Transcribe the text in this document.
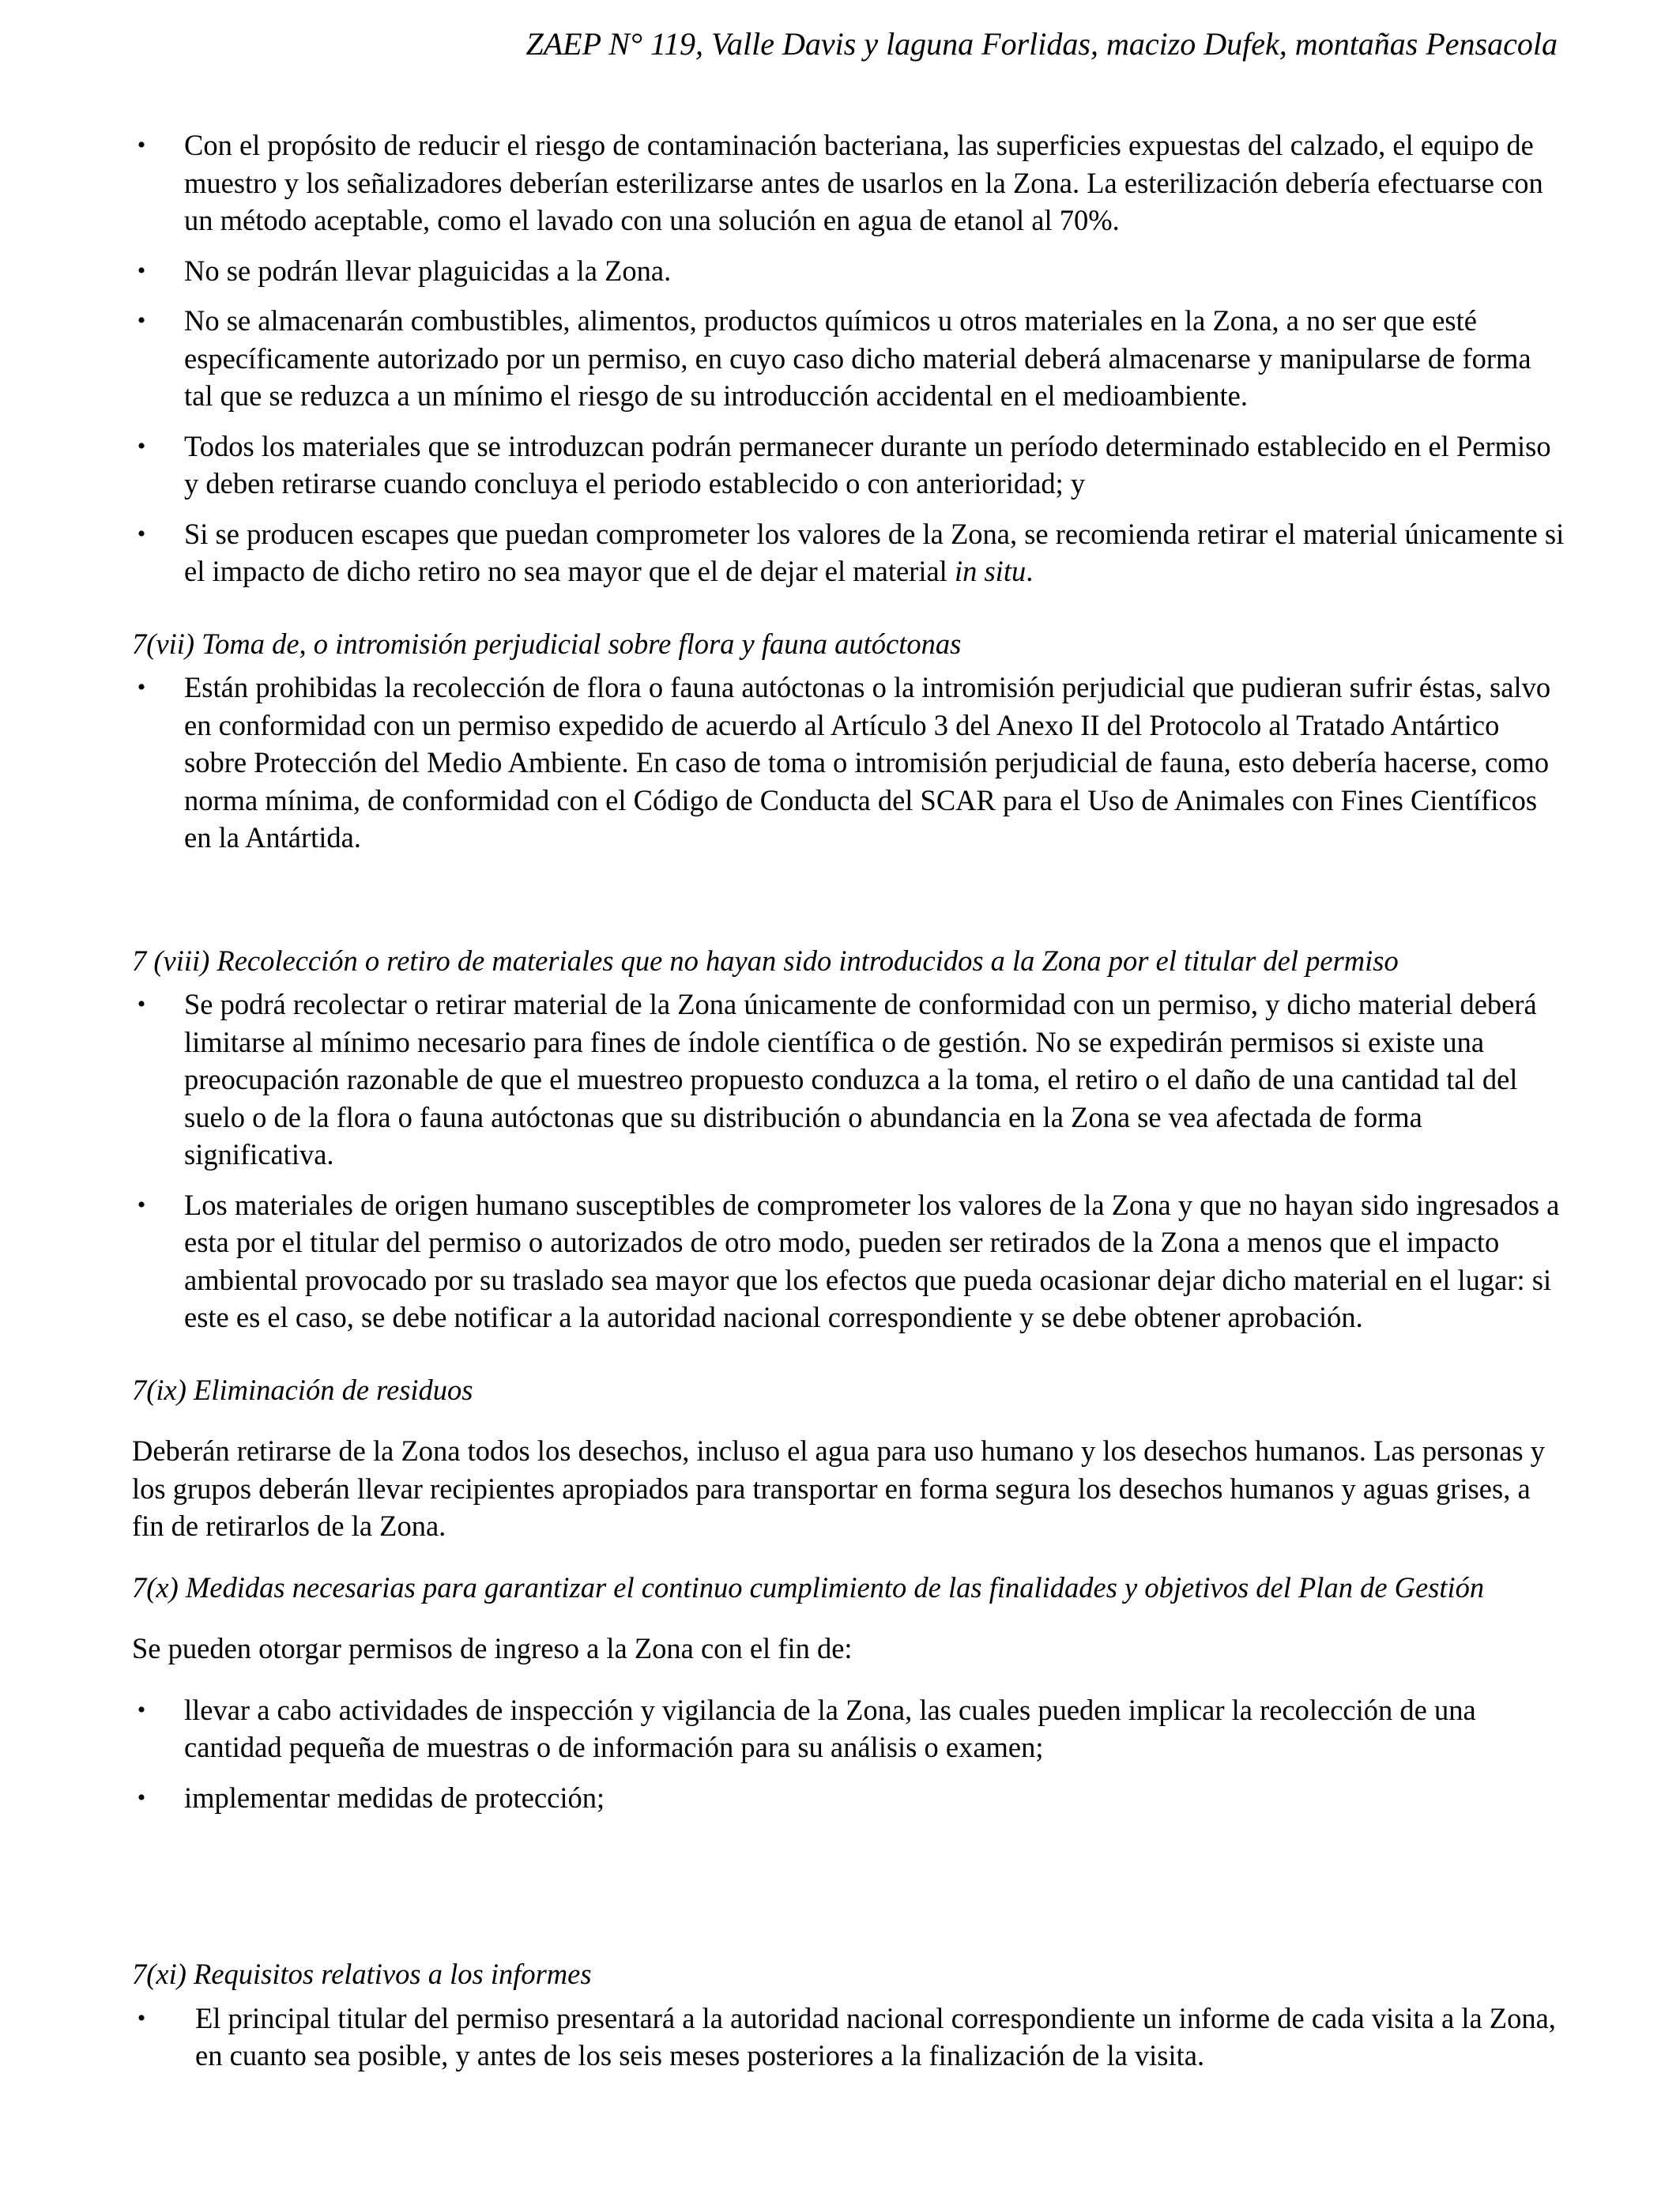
ZAEP N° 119, Valle Davis y laguna Forlidas, macizo Dufek, montañas Pensacola
• Con el propósito de reducir el riesgo de contaminación bacteriana, las superficies expuestas del calzado, el equipo de muestro y los señalizadores deberían esterilizarse antes de usarlos en la Zona. La esterilización debería efectuarse con un método aceptable, como el lavado con una solución en agua de etanol al 70%.
• No se podrán llevar plaguicidas a la Zona.
• No se almacenarán combustibles, alimentos, productos químicos u otros materiales en la Zona, a no ser que esté específicamente autorizado por un permiso, en cuyo caso dicho material deberá almacenarse y manipularse de forma tal que se reduzca a un mínimo el riesgo de su introducción accidental en el medioambiente.
• Todos los materiales que se introduzcan podrán permanecer durante un período determinado establecido en el Permiso y deben retirarse cuando concluya el periodo establecido o con anterioridad; y
• Si se producen escapes que puedan comprometer los valores de la Zona, se recomienda retirar el material únicamente si el impacto de dicho retiro no sea mayor que el de dejar el material in situ.

7(vii) Toma de, o intromisión perjudicial sobre flora y fauna autóctonas

• Están prohibidas la recolección de flora o fauna autóctonas o la intromisión perjudicial que pudieran sufrir éstas, salvo en conformidad con un permiso expedido de acuerdo al Artículo 3 del Anexo II del Protocolo al Tratado Antártico sobre Protección del Medio Ambiente. En caso de toma o intromisión perjudicial de fauna, esto debería hacerse, como norma mínima, de conformidad con el Código de Conducta del SCAR para el Uso de Animales con Fines Científicos en la Antártida.

7 (viii) Recolección o retiro de materiales que no hayan sido introducidos a la Zona por el titular del permiso

• Se podrá recolectar o retirar material de la Zona únicamente de conformidad con un permiso, y dicho material deberá limitarse al mínimo necesario para fines de índole científica o de gestión. No se expedirán permisos si existe una preocupación razonable de que el muestreo propuesto conduzca a la toma, el retiro o el daño de una cantidad tal del suelo o de la flora o fauna autóctonas que su distribución o abundancia en la Zona se vea afectada de forma significativa.
• Los materiales de origen humano susceptibles de comprometer los valores de la Zona y que no hayan sido ingresados a esta por el titular del permiso o autorizados de otro modo, pueden ser retirados de la Zona a menos que el impacto ambiental provocado por su traslado sea mayor que los efectos que pueda ocasionar dejar dicho material en el lugar: si este es el caso, se debe notificar a la autoridad nacional correspondiente y se debe obtener aprobación.

7(ix) Eliminación de residuos

Deberán retirarse de la Zona todos los desechos, incluso el agua para uso humano y los desechos humanos. Las personas y los grupos deberán llevar recipientes apropiados para transportar en forma segura los desechos humanos y aguas grises, a fin de retirarlos de la Zona.

7(x) Medidas necesarias para garantizar el continuo cumplimiento de las finalidades y objetivos del Plan de Gestión

Se pueden otorgar permisos de ingreso a la Zona con el fin de:

• llevar a cabo actividades de inspección y vigilancia de la Zona, las cuales pueden implicar la recolección de una cantidad pequeña de muestras o de información para su análisis o examen;
• implementar medidas de protección;

7(xi) Requisitos relativos a los informes

• El principal titular del permiso presentará a la autoridad nacional correspondiente un informe de cada visita a la Zona, en cuanto sea posible, y antes de los seis meses posteriores a la finalización de la visita.
